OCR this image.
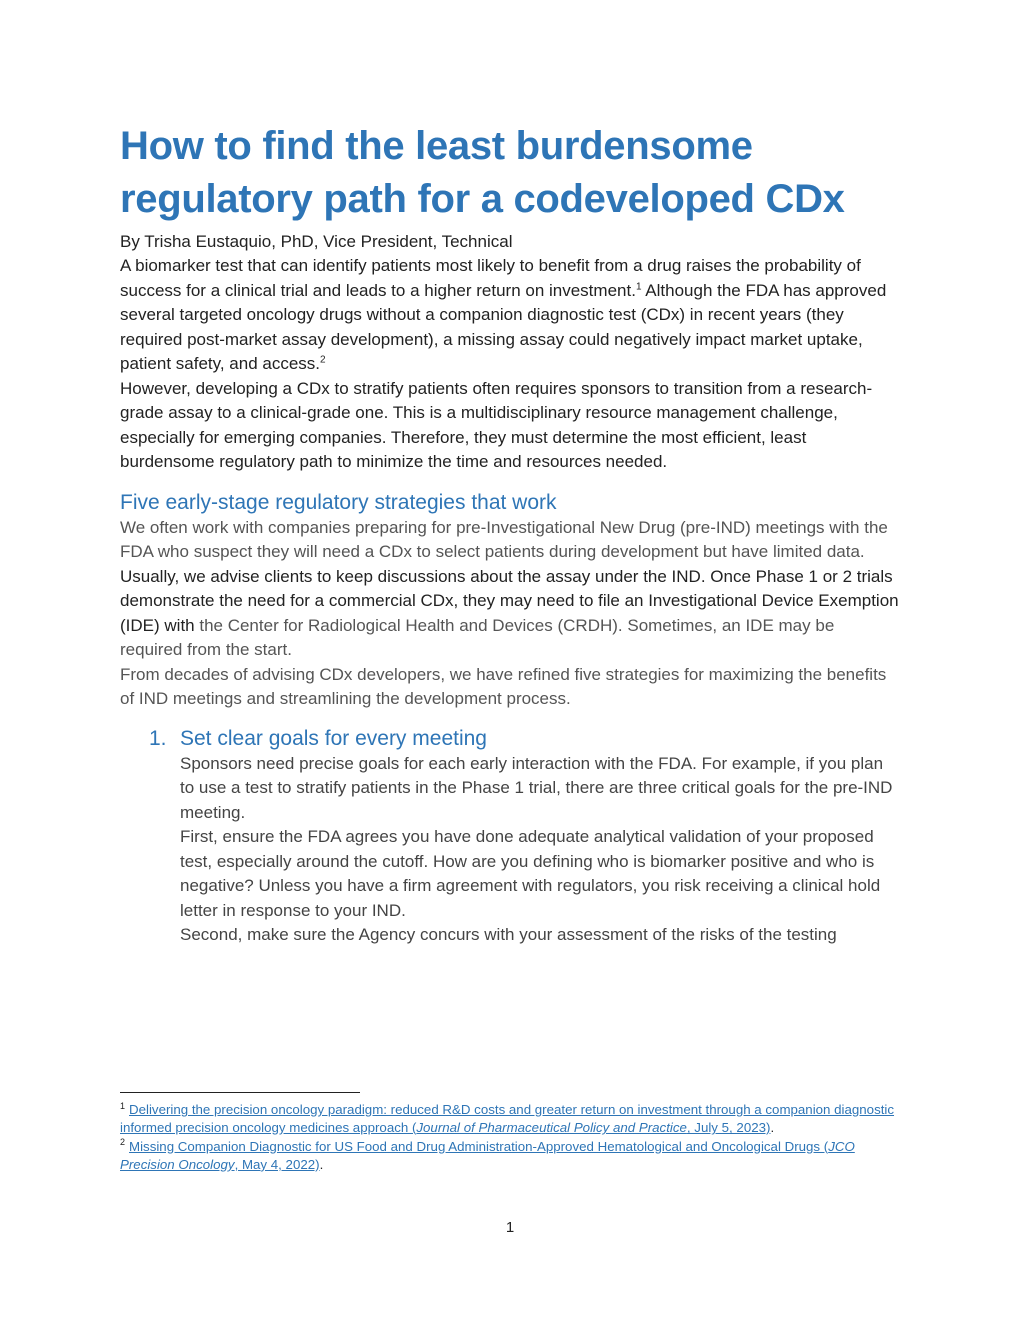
How to find the least burdensome
regulatory path for a codeveloped CDx
By Trisha Eustaquio, PhD, Vice President, Technical

A biomarker test that can identify patients most likely to benefit from a drug raises the probability of success for a clinical trial and leads to a higher return on investment.$^1$ Although the FDA has approved several targeted oncology drugs without a companion diagnostic test (CDx) in recent years (they required post-market assay development), a missing assay could negatively impact market uptake, patient safety, and access.$^2$

However, developing a CDx to stratify patients often requires sponsors to transition from a research-grade assay to a clinical-grade one. This is a multidisciplinary resource management challenge, especially for emerging companies. Therefore, they must determine the most efficient, least burdensome regulatory path to minimize the time and resources needed.

Five early-stage regulatory strategies that work

We often work with companies preparing for pre-Investigational New Drug (pre-IND) meetings with the FDA who suspect they will need a CDx to select patients during development but have limited data.

Usually, we advise clients to keep discussions about the assay under the IND. Once Phase 1 or 2 trials demonstrate the need for a commercial CDx, they may need to file an Investigational Device Exemption (IDE) with the Center for Radiological Health and Devices (CRDH). Sometimes, an IDE may be required from the start.

From decades of advising CDx developers, we have refined five strategies for maximizing the benefits of IND meetings and streamlining the development process.

1. Set clear goals for every meeting

Sponsors need precise goals for each early interaction with the FDA. For example, if you plan to use a test to stratify patients in the Phase 1 trial, there are three critical goals for the pre-IND meeting.

First, ensure the FDA agrees you have done adequate analytical validation of your proposed test, especially around the cutoff. How are you defining who is biomarker positive and who is negative? Unless you have a firm agreement with regulators, you risk receiving a clinical hold letter in response to your IND.

Second, make sure the Agency concurs with your assessment of the risks of the testing

$^1$ Delivering the precision oncology paradigm: reduced R&D costs and greater return on investment through a companion diagnostic informed precision oncology medicines approach (Journal of Pharmaceutical Policy and Practice, July 5, 2023).
$^2$ Missing Companion Diagnostic for US Food and Drug Administration-Approved Hematological and Oncological Drugs (JCO Precision Oncology, May 4, 2022).
1
